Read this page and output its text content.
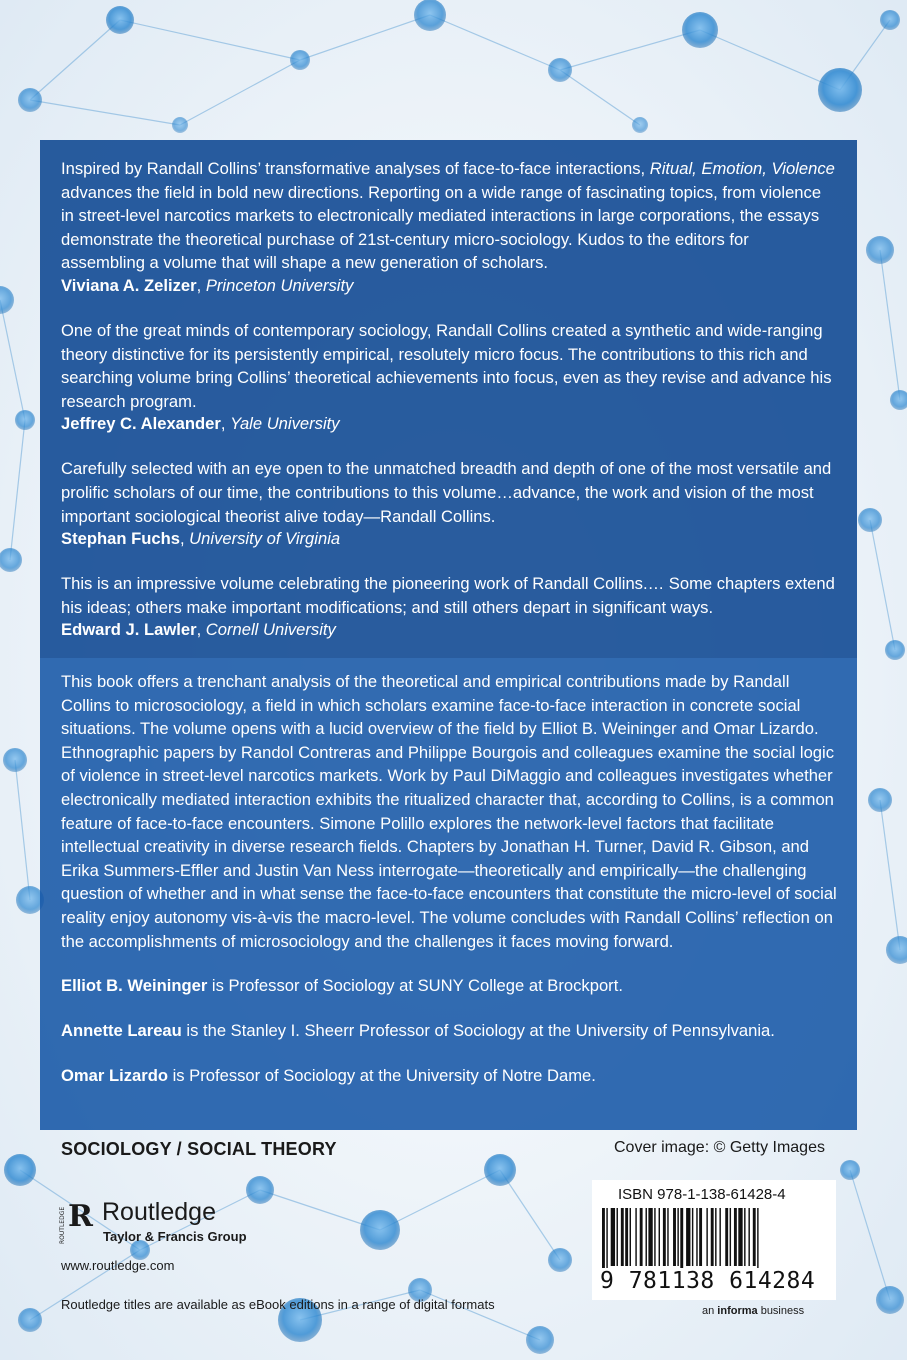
Inspired by Randall Collins’ transformative analyses of face-to-face interactions, Ritual, Emotion, Violence advances the field in bold new directions. Reporting on a wide range of fascinating topics, from violence in street-level narcotics markets to electronically mediated interactions in large corporations, the essays demonstrate the theoretical purchase of 21st-century micro-sociology. Kudos to the editors for assembling a volume that will shape a new generation of scholars.

Viviana A. Zelizer, Princeton University

One of the great minds of contemporary sociology, Randall Collins created a synthetic and wide-ranging theory distinctive for its persistently empirical, resolutely micro focus. The contributions to this rich and searching volume bring Collins’ theoretical achievements into focus, even as they revise and advance his research program.

Jeffrey C. Alexander, Yale University

Carefully selected with an eye open to the unmatched breadth and depth of one of the most versatile and prolific scholars of our time, the contributions to this volume…advance, the work and vision of the most important sociological theorist alive today—Randall Collins.

Stephan Fuchs, University of Virginia

This is an impressive volume celebrating the pioneering work of Randall Collins.… Some chapters extend his ideas; others make important modifications; and still others depart in significant ways.

Edward J. Lawler, Cornell University

This book offers a trenchant analysis of the theoretical and empirical contributions made by Randall Collins to microsociology, a field in which scholars examine face-to-face interaction in concrete social situations. The volume opens with a lucid overview of the field by Elliot B. Weininger and Omar Lizardo. Ethnographic papers by Randol Contreras and Philippe Bourgois and colleagues examine the social logic of violence in street-level narcotics markets. Work by Paul DiMaggio and colleagues investigates whether electronically mediated interaction exhibits the ritualized character that, according to Collins, is a common feature of face-to-face encounters. Simone Polillo explores the network-level factors that facilitate intellectual creativity in diverse research fields. Chapters by Jonathan H. Turner, David R. Gibson, and Erika Summers-Effler and Justin Van Ness interrogate—theoretically and empirically—the challenging question of whether and in what sense the face-to-face encounters that constitute the micro-level of social reality enjoy autonomy vis-à-vis the macro-level. The volume concludes with Randall Collins’ reflection on the accomplishments of microsociology and the challenges it faces moving forward.

Elliot B. Weininger is Professor of Sociology at SUNY College at Brockport.

Annette Lareau is the Stanley I. Sheerr Professor of Sociology at the University of Pennsylvania.

Omar Lizardo is Professor of Sociology at the University of Notre Dame.

SOCIOLOGY / SOCIAL THEORY	Cover image: © Getty Images
R
ROUTLEDGE Routledge
Taylor & Francis Group
www.routledge.com
Routledge titles are available as eBook editions in a range of digital formats
ISBN 978-1-138-61428-4
9 781138 614284
an informa business
